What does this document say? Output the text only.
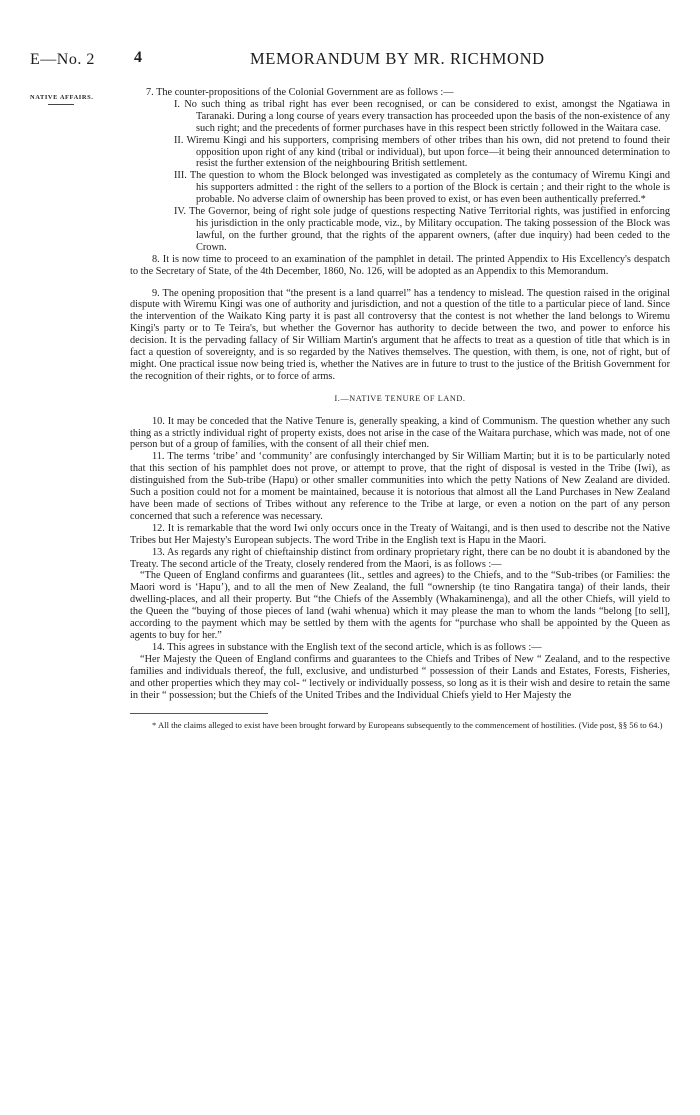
E—No. 2 4	MEMORANDUM BY MR. RICHMOND
NATIVE AFFAIRS.	7. The counter-propositions of the Colonial Government are as follows :—

I. No such thing as tribal right has ever been recognised, or can be considered to exist, amongst the Ngatiawa in Taranaki. During a long course of years every transaction has proceeded upon the basis of the non-existence of any such right; and the precedents of former purchases have in this respect been strictly followed in the Waitara case.

II. Wiremu Kingi and his supporters, comprising members of other tribes than his own, did not pretend to found their opposition upon right of any kind (tribal or individual), but upon force—it being their announced determination to resist the further extension of the neighbouring British settlement.

III. The question to whom the Block belonged was investigated as completely as the contumacy of Wiremu Kingi and his supporters admitted : the right of the sellers to a portion of the Block is certain ; and their right to the whole is probable. No adverse claim of ownership has been proved to exist, or has even been authentically preferred.*

IV. The Governor, being of right sole judge of questions respecting Native Territorial rights, was justified in enforcing his jurisdiction in the only practicable mode, viz., by Military occupation. The taking possession of the Block was lawful, on the further ground, that the rights of the apparent owners, (after due inquiry) had been ceded to the Crown.

8. It is now time to proceed to an examination of the pamphlet in detail. The printed Appendix to His Excellency's despatch to the Secretary of State, of the 4th December, 1860, No. 126, will be adopted as an Appendix to this Memorandum.

9. The opening proposition that “the present is a land quarrel” has a tendency to mislead. The question raised in the original dispute with Wiremu Kingi was one of authority and jurisdiction, and not a question of the title to a particular piece of land. Since the intervention of the Waikato King party it is past all controversy that the contest is not whether the land belongs to Wiremu Kingi's party or to Te Teira's, but whether the Governor has authority to decide between the two, and power to enforce his decision. It is the pervading fallacy of Sir William Martin's argument that he affects to treat as a question of title that which is in fact a question of sovereignty, and is so regarded by the Natives themselves. The question, with them, is one, not of right, but of might. One practical issue now being tried is, whether the Natives are in future to trust to the justice of the British Government for the recognition of their rights, or to force of arms.

I.—NATIVE TENURE OF LAND.

10. It may be conceded that the Native Tenure is, generally speaking, a kind of Communism. The question whether any such thing as a strictly individual right of property exists, does not arise in the case of the Waitara purchase, which was made, not of one person but of a group of families, with the consent of all their chief men.

11. The terms ‘tribe’ and ‘community’ are confusingly interchanged by Sir William Martin; but it is to be particularly noted that this section of his pamphlet does not prove, or attempt to prove, that the right of disposal is vested in the Tribe (Iwi), as distinguished from the Sub-tribe (Hapu) or other smaller communities into which the petty Nations of New Zealand are divided. Such a position could not for a moment be maintained, because it is notorious that almost all the Land Purchases in New Zealand have been made of sections of Tribes without any reference to the Tribe at large, or even a notion on the part of any person concerned that such a reference was necessary.

12. It is remarkable that the word Iwi only occurs once in the Treaty of Waitangi, and is then used to describe not the Native Tribes but Her Majesty's European subjects. The word Tribe in the English text is Hapu in the Maori.

13. As regards any right of chieftainship distinct from ordinary proprietary right, there can be no doubt it is abandoned by the Treaty. The second article of the Treaty, closely rendered from the Maori, is as follows :—

“The Queen of England confirms and guarantees (lit., settles and agrees) to the Chiefs, and to the “Sub-tribes (or Families: the Maori word is ‘Hapu’), and to all the men of New Zealand, the full “ownership (te tino Rangatira tanga) of their lands, their dwelling-places, and all their property. But “the Chiefs of the Assembly (Whakaminenga), and all the other Chiefs, will yield to the Queen the “buying of those pieces of land (wahi whenua) which it may please the man to whom the lands “belong [to sell], according to the payment which may be settled by them with the agents for “purchase who shall be appointed by the Queen as agents to buy for her.”

14. This agrees in substance with the English text of the second article, which is as follows :—

“Her Majesty the Queen of England confirms and guarantees to the Chiefs and Tribes of New “ Zealand, and to the respective families and individuals thereof, the full, exclusive, and undisturbed “ possession of their Lands and Estates, Forests, Fisheries, and other properties which they may col- “ lectively or individually possess, so long as it is their wish and desire to retain the same in their “ possession; but the Chiefs of the United Tribes and the Individual Chiefs yield to Her Majesty the

* All the claims alleged to exist have been brought forward by Europeans subsequently to the commencement of hostilities. (Vide post, §§ 56 to 64.)
